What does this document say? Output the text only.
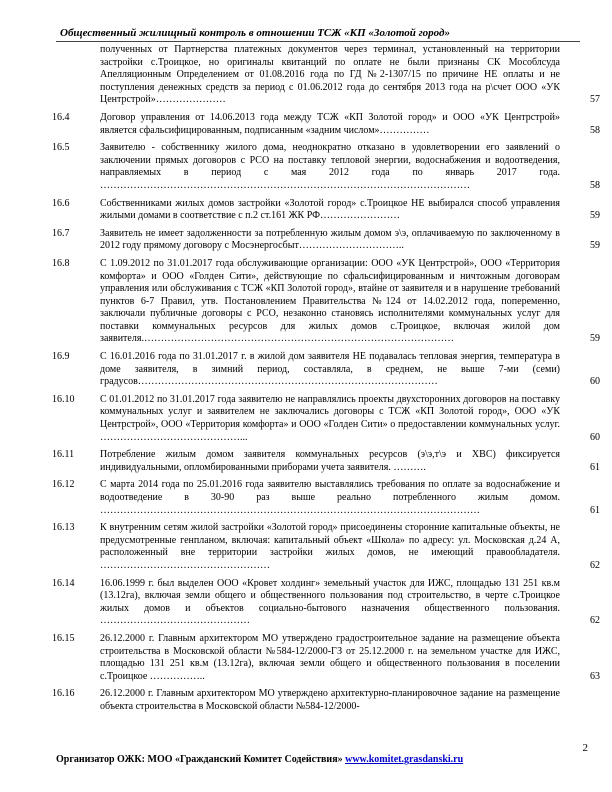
Общественный жилищный контроль в отношении ТСЖ «КП «Золотой город»
полученных от Партнерства платежных документов через терминал, установленный на территории застройки с.Троицкое, но оригиналы квитанций по оплате не были признаны СК Мособлсуда Апелляционным Определением от 01.08.2016 года по ГД №2-1307/15 по причине НЕ оплаты и не поступления денежных средств за период с 01.06.2012 года до сентября 2013 года на р\счет ООО «УК Центрстрой»…………………	57
16.4	Договор управления от 14.06.2013 года между ТСЖ «КП Золотой город» и ООО «УК Центрстрой» является сфальсифицированным, подписанным «задним числом»……………	58
16.5	Заявителю - собственнику жилого дома, неоднократно отказано в удовлетворении его заявлений о заключении прямых договоров с РСО на поставку тепловой энергии, водоснабжения и водоотведения, направляемых в период с мая 2012 года по январь 2017 года. …………………………………………………………………………………………………	58
16.6	Собственниками жилых домов застройки «Золотой город» с.Троицкое НЕ выбирался способ управления жилыми домами в соответствие с п.2 ст.161 ЖК РФ……………………	59
16.7	Заявитель не имеет задолженности за потребленную жилым домом э\э, оплачиваемую по заключенному в 2012 году прямому договору с Мосэнергосбыт…………………………..	59
16.8	С 1.09.2012 по 31.01.2017 года обслуживающие организации: ООО «УК Центрстрой», ООО «Территория комфорта» и ООО «Голден Сити», действующие по сфальсифицированным и ничтожным договорам управления или обслуживания с ТСЖ «КП Золотой город», втайне от заявителя и в нарушение требований пунктов 6-7 Правил, утв. Постановлением Правительства №124 от 14.02.2012 года, попеременно, заключали публичные договоры с РСО, незаконно становясь исполнителями коммунальных услуг для поставки коммунальных ресурсов для жилых домов с.Троицкое, включая жилой дом заявителя.…………………………………………………………………………………	59
16.9	С 16.01.2016 года по 31.01.2017 г. в жилой дом заявителя НЕ подавалась тепловая энергия, температура в доме заявителя, в зимний период, составляла, в среднем, не выше 7-ми (семи) градусов………………………………………………………………………………	60
16.10	С 01.01.2012 по 31.01.2017 года заявителю не направлялись проекты двухсторонних договоров на поставку коммунальных услуг и заявителем не заключались договоры с ТСЖ «КП Золотой город», ООО «УК Центрстрой», ООО «Территория комфорта» и ООО «Голден Сити» о предоставлении коммунальных услуг. ……………………………………...	60
16.11	Потребление жилым домом заявителя коммунальных ресурсов (э\э,т\э и ХВС) фиксируется индивидуальными, опломбированными приборами учета заявителя. ……….	61
16.12	С марта 2014 года по 25.01.2016 года заявителю выставлялись требования по оплате за водоснабжение и водоотведение в 30-90 раз выше реально потребленного жилым домом. ……………………………………………………………………………………………………	61
16.13	К внутренним сетям жилой застройки «Золотой город» присоединены сторонние капитальные объекты, не предусмотренные генпланом, включая: капитальный объект «Школа» по адресу: ул. Московская д.24 А, расположенный вне территории застройки жилых домов, не имеющий правообладателя. ……………………………………………	62
16.14	16.06.1999 г. был выделен ООО «Кровет холдинг» земельный участок для ИЖС, площадью 131 251 кв.м (13.12га), включая земли общего и общественного пользования под строительство, в черте с.Троицкое жилых домов и объектов социально-бытового назначения общественного пользования. ………………………………………	62
16.15	26.12.2000 г. Главным архитектором МО утверждено градостроительное задание на размещение объекта строительства в Московской области №584-12/2000-ГЗ от 25.12.2000 г. на земельном участке для ИЖС, площадью 131 251 кв.м (13.12га), включая земли общего и общественного пользования в поселении с.Троицкое ……………..	63
16.16	26.12.2000 г. Главным архитектором МО утверждено архитектурно-планировочное задание на размещение объекта строительства в Московской области №584-12/2000-
Организатор ОЖК: МОО «Гражданский Комитет Содействия» www.komitet.grasdanski.ru
2
